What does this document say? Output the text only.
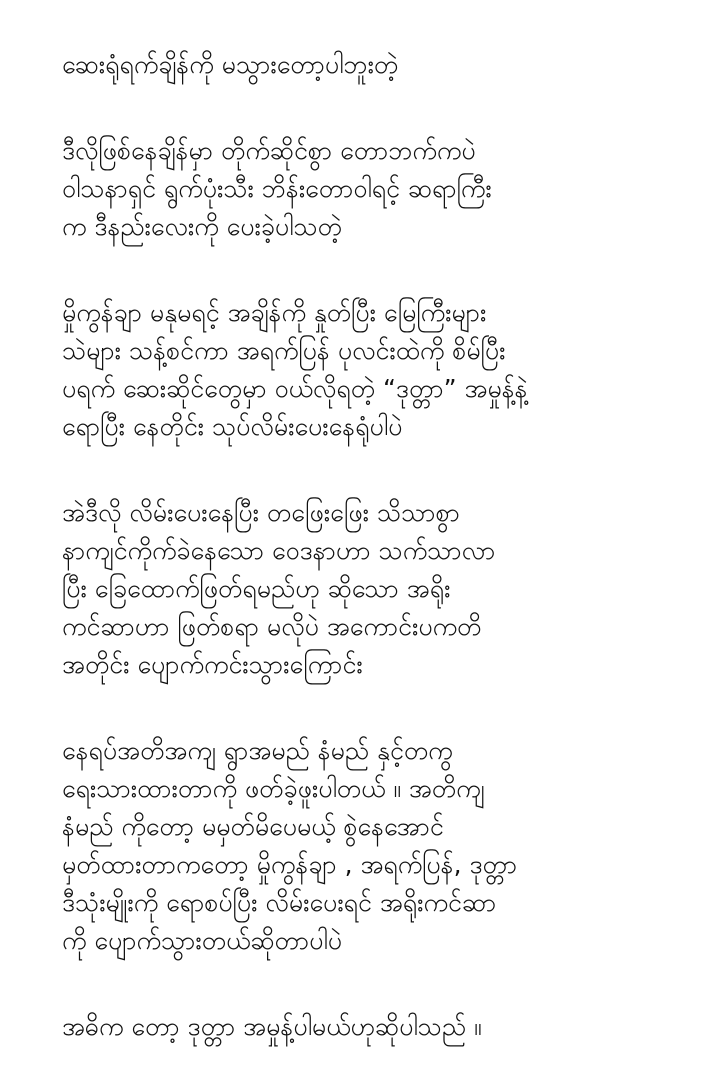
ဆေးရုံရက်ချိန်ကို မသွားတော့ပါဘူးတဲ့

ဒီလိုဖြစ်နေချိန်မှာ တိုက်ဆိုင်စွာ တောဘက်ကပဲ
ဝါသနာရှင် ရွက်ပုံးသီး ဘိန်းတောဝါရင့် ဆရာကြီး
က ဒီနည်းလေးကို ပေးခဲ့ပါသတဲ့

မှိုကွန်ချာ မနုမရင့် အချိန်ကို နှုတ်ပြီး မြေကြီးများ
သဲများ သန့်စင်ကာ အရက်ပြန် ပုလင်းထဲကို စိမ်ပြီး
ပရက် ဆေးဆိုင်တွေမှာ ဝယ်လိုရတဲ့ “ဒုတ္တာ” အမှုန့်နဲ့
ရောပြီး နေတိုင်း သုပ်လိမ်းပေးနေရုံပါပဲ

အဲဒီလို လိမ်းပေးနေပြီး တဖြေးဖြေး သိသာစွာ
နာကျင်ကိုက်ခဲနေသော ဝေဒနာဟာ သက်သာလာ
ပြီး ခြေထောက်ဖြတ်ရမည်ဟု ဆိုသော အရိုး
ကင်ဆာဟာ ဖြတ်စရာ မလိုပဲ အကောင်းပကတိ
အတိုင်း ပျောက်ကင်းသွားကြောင်း

နေရပ်အတိအကျ ရွာအမည် နံမည် နှင့်တကွ
ရေးသားထားတာကို ဖတ်ခဲ့ဖူးပါတယ် ။ အတိကျ
နံမည် ကိုတော့ မမှတ်မိပေမယ့် စွဲနေအောင်
မှတ်ထားတာကတော့ မှိုကွန်ချာ , အရက်ပြန်, ဒုတ္တာ
ဒီသုံးမျိုးကို ရောစပ်ပြီး လိမ်းပေးရင် အရိုးကင်ဆာ
ကို ပျောက်သွားတယ်ဆိုတာပါပဲ

အဓိက တော့ ဒုတ္တာ အမှုန့်ပါမယ်ဟုဆိုပါသည် ။
